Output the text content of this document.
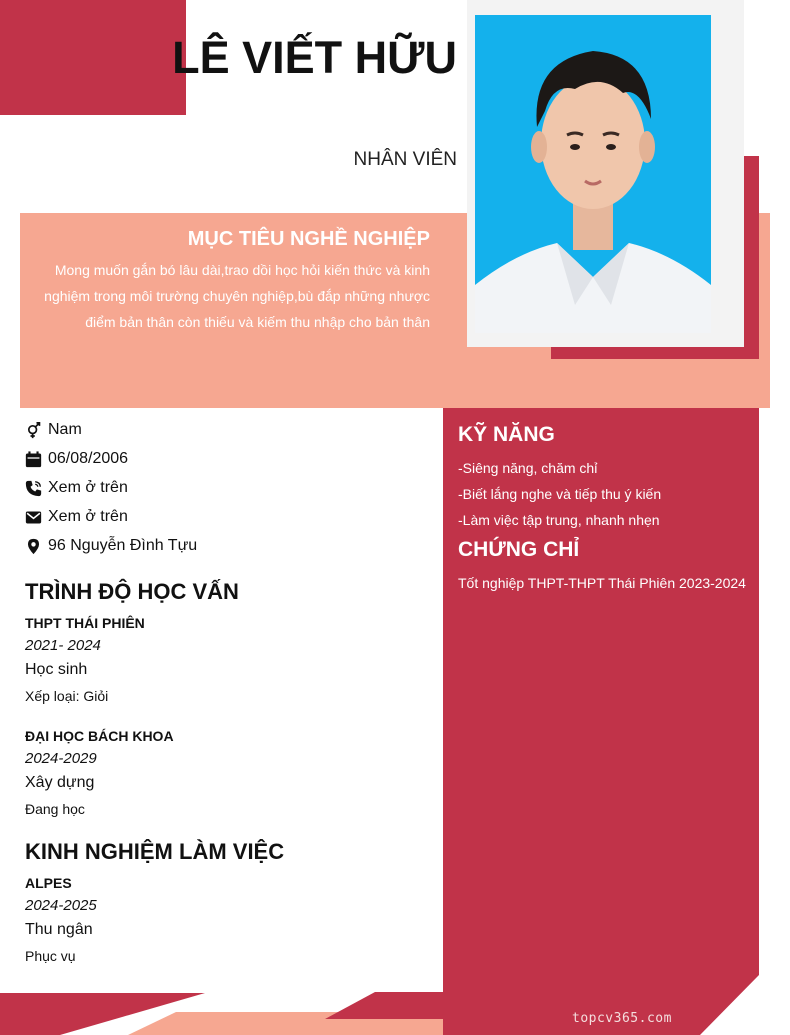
LÊ VIẾT HỮU
NHÂN VIÊN
MỤC TIÊU NGHỀ NGHIỆP

Mong muốn gắn bó lâu dài,trao dồi học hỏi kiến thức và kinh nghiệm trong môi trường chuyên nghiệp,bù đắp những nhược điểm bản thân còn thiếu và kiếm thu nhập cho bản thân

Nam
06/08/2006
Xem ở trên
Xem ở trên
96 Nguyễn Đình Tựu
TRÌNH ĐỘ HỌC VẤN
THPT THÁI PHIÊN
2021- 2024
Học sinh
Xếp loại: Giỏi
ĐẠI HỌC BÁCH KHOA
2024-2029
Xây dựng
Đang học
KINH NGHIỆM LÀM VIỆC
ALPES
2024-2025
Thu ngân
Phục vụ
KỸ NĂNG
-Siêng năng, chăm chỉ
-Biết lắng nghe và tiếp thu ý kiến
-Làm việc tập trung, nhanh nhẹn
CHỨNG CHỈ

Tốt nghiệp THPT-THPT Thái Phiên 2023-2024

topcv365.com
